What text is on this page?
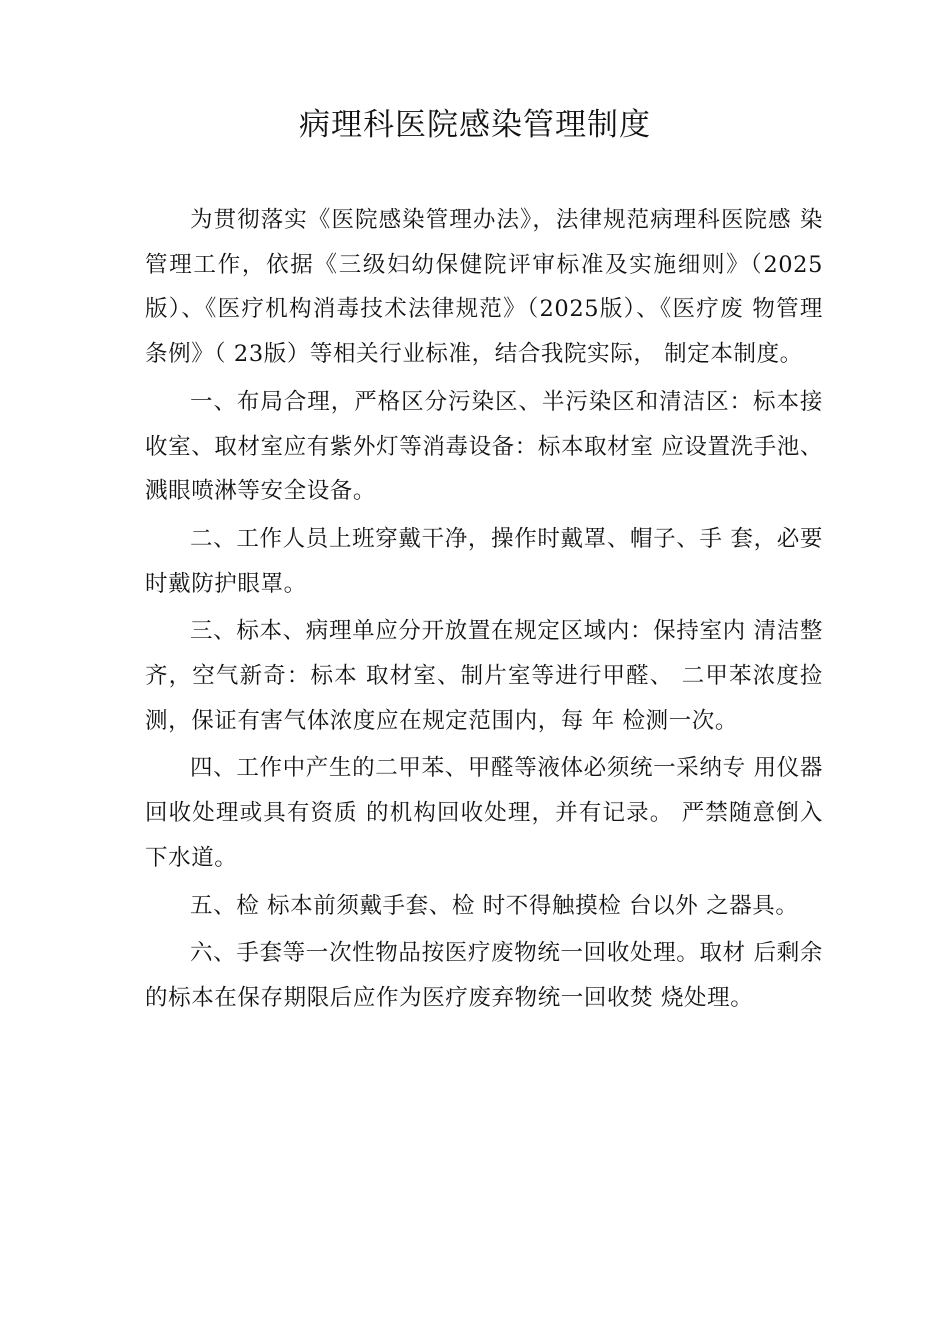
病理科医院感染管理制度

为贯彻落实《医院感染管理办法》，法律规范病理科医院感 染管理工作，依据《三级妇幼保健院评审标准及实施细则》（2025版）、《医疗机构消毒技术法律规范》（2025版）、《医疗废 物管理条例》（ 23版）等相关行业标准，结合我院实际， 制定本制度。

一、布局合理，严格区分污染区、半污染区和清洁区：标本接收室、取材室应有紫外灯等消毒设备：标本取材室 应设置洗手池、溅眼喷淋等安全设备。

二、工作人员上班穿戴干净，操作时戴罩、帽子、手 套，必要时戴防护眼罩。

三、标本、病理单应分开放置在规定区域内：保持室内 清洁整齐，空气新奇：标本 取材室、制片室等进行甲醛、 二甲苯浓度捡测，保证有害气体浓度应在规定范围内，每 年 检测一次。

四、工作中产生的二甲苯、甲醛等液体必须统一采纳专 用仪器回收处理或具有资质 的机构回收处理，并有记录。 严禁随意倒入下水道。

五、检 标本前须戴手套、检 时不得触摸检 台以外 之器具。

六、手套等一次性物品按医疗废物统一回收处理。取材 后剩余的标本在保存期限后应作为医疗废弃物统一回收焚 烧处理。
